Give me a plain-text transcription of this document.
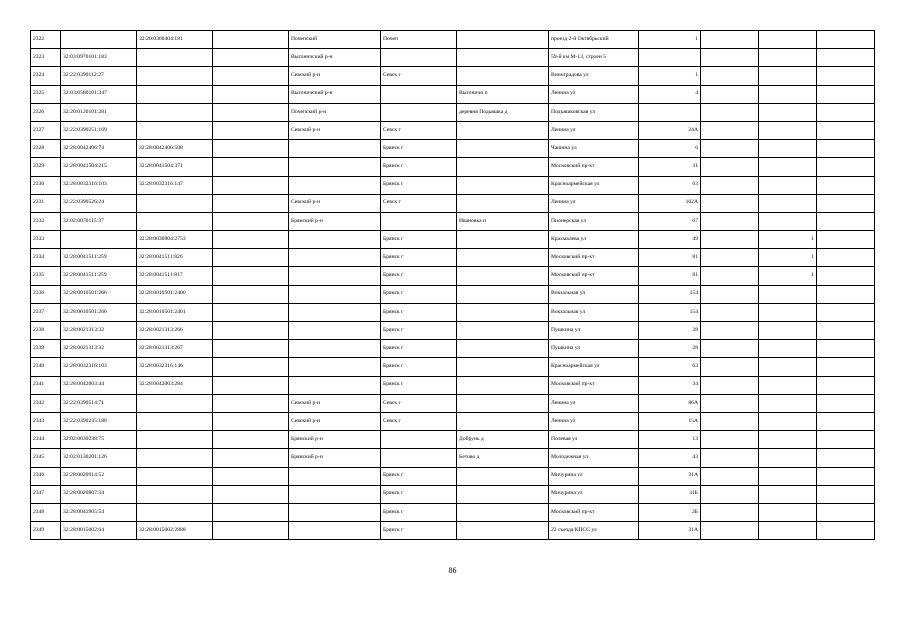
2322		32:20:0360404:181		Почепский	Почеп		проезд 2-й Октябрьский	1			
2323	32:03:0970101:183			Выгоничский р-н			59-й км М-13, строен 5				
2324	32:22:0390112:27			Севский р-н	Севск г		Виноградова ул	1			
2325	32:03:0580101:347			Выгоничский р-н		Выгоничи п	Ленина ул	4			
2326	32:20:0120101:281			Почепский р-н		деревня Подьяшка д	Подъяшковская ул				
2327	32:22:0390251:169			Севский р-н	Севск г		Ленина ул	24А			
2328	32:28:0042406:74	32:28:0042406:508			Брянск г		Чашина ул	6			
2329	32:28:0041504:215	32:28:0041504:371			Брянск г		Московский пр-кт	11			
2330	32:28:0032316:103	32:28:0032316:147			Брянск г		Красноармейская ул	63			
2331	32:22:0390526:24			Севский р-н	Севск г		Ленина ул	102А			
2332	32:02:0070115:37			Брянский р-н		Ивановка п	Пионерская ул	67			
2333		32:28:0030904:2753			Брянск г		Крахмалева ул	49		1	
2334	32:28:0041511:259	32:28:0041511:826			Брянск г		Московский пр-кт	81		1	
2335	32:28:0041511:259	32:28:0041511:817			Брянск г		Московский пр-кт	81		1	
2336	32:28:0010501:266	32:28:0010501:2400			Брянск г		Вокзальная ул	154			
2337	32:28:0010501:266	32:28:0010501:2401			Брянск г		Вокзальная ул	154			
2338	32:28:0021313:32	32:28:0021313:266			Брянск г		Пушкина ул	28			
2339	32:28:0021313:32	32:28:0021313:267			Брянск г		Пушкина ул	28			
2340	32:28:0032316:103	32:28:0032316:146			Брянск г		Красноармейская ул	63			
2341	32:28:0042003:44	32:28:0042003:284			Брянск г		Московский пр-кт	34			
2342	32:22:0390514:71			Севский р-н	Севск г		Ленина ул	86А			
2343	32:22:0390235:188			Севский р-н	Севск г		Ленина ул	15А			
2344	32:02:0030238:75			Брянский р-н		Добрунь д	Полевая ул	13			
2345	32:02:0130201:126			Брянский р-н		Бетово д	Молодежная ул	43			
2346	32:28:0020914:52				Брянск г		Мичурина ул	31А			
2347	32:28:0020807:34				Брянск г		Мичурина ул	31Б			
2348	32:28:0041905:54				Брянск г		Московский пр-кт	2Б			
2349	32:28:0015002:64	32:28:0015002:2888			Брянск г		22 съезда КПСС ул	31А			
86
